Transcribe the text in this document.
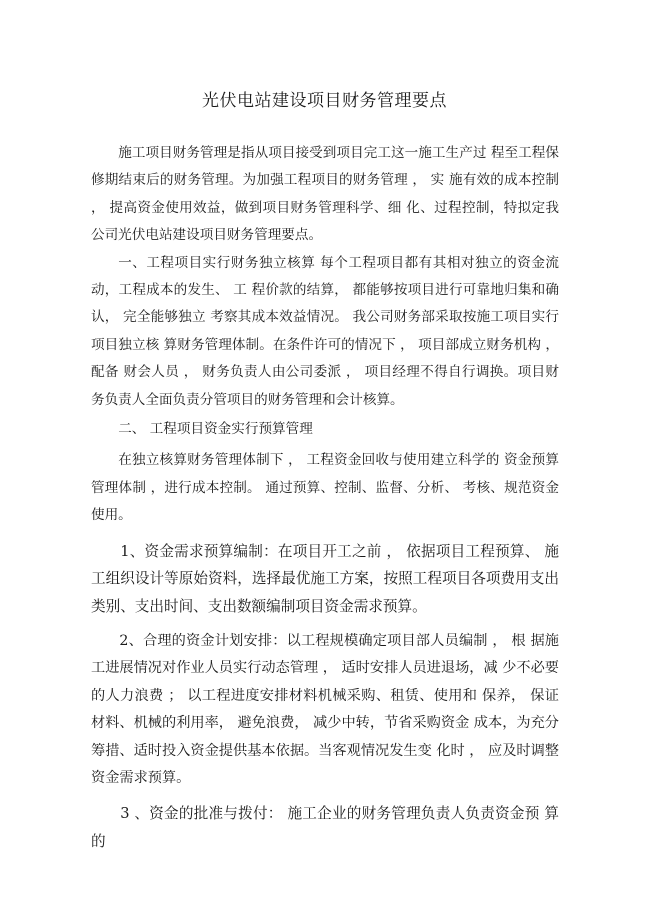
光伏电站建设项目财务管理要点

施工项目财务管理是指从项目接受到项目完工这一施工生产过 程至工程保修期结束后的财务管理。为加强工程项目的财务管理 ， 实 施有效的成本控制 ， 提高资金使用效益，做到项目财务管理科学、细 化、过程控制，特拟定我公司光伏电站建设项目财务管理要点。

一、工程项目实行财务独立核算 每个工程项目都有其相对独立的资金流动，工程成本的发生、 工 程价款的结算， 都能够按项目进行可靠地归集和确认， 完全能够独立 考察其成本效益情况。 我公司财务部采取按施工项目实行项目独立核 算财务管理体制。在条件许可的情况下 ， 项目部成立财务机构 ，配备 财会人员 ， 财务负责人由公司委派 ， 项目经理不得自行调换。项目财务负责人全面负责分管项目的财务管理和会计核算。

二、 工程项目资金实行预算管理

在独立核算财务管理体制下 ， 工程资金回收与使用建立科学的 资金预算管理体制 ，进行成本控制。 通过预算、控制、监督、分析、 考核、规范资金使用。

1、资金需求预算编制：在项目开工之前 ， 依据项目工程预算、 施工组织设计等原始资料，选择最优施工方案，按照工程项目各项费用支出类别、支出时间、支出数额编制项目资金需求预算。

2、合理的资金计划安排：以工程规模确定项目部人员编制 ， 根 据施工进展情况对作业人员实行动态管理 ， 适时安排人员进退场，减 少不必要的人力浪费 ； 以工程进度安排材料机械采购、租赁、使用和 保养， 保证材料、机械的利用率， 避免浪费， 减少中转，节省采购资金 成本，为充分筹措、适时投入资金提供基本依据。当客观情况发生变 化时 ， 应及时调整资金需求预算。

3 、资金的批准与拨付： 施工企业的财务管理负责人负责资金预 算的
